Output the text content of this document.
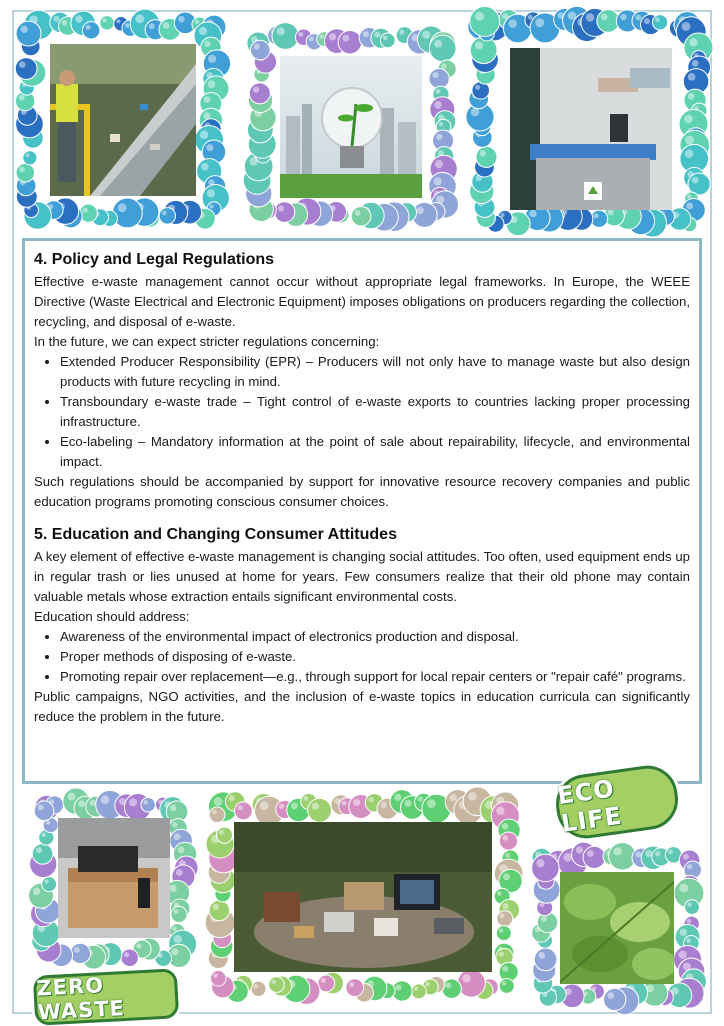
4. Policy and Legal Regulations

Effective e-waste management cannot occur without appropriate legal frameworks. In Europe, the WEEE Directive (Waste Electrical and Electronic Equipment) imposes obligations on producers regarding the collection, recycling, and disposal of e-waste.

In the future, we can expect stricter regulations concerning:

• Extended Producer Responsibility (EPR) – Producers will not only have to manage waste but also design products with future recycling in mind.
• Transboundary e-waste trade – Tight control of e-waste exports to countries lacking proper processing infrastructure.
• Eco-labeling – Mandatory information at the point of sale about repairability, lifecycle, and environmental impact.

Such regulations should be accompanied by support for innovative resource recovery companies and public education programs promoting conscious consumer choices.

5. Education and Changing Consumer Attitudes

A key element of effective e-waste management is changing social attitudes. Too often, used equipment ends up in regular trash or lies unused at home for years. Few consumers realize that their old phone may contain valuable metals whose extraction entails significant environmental costs.

Education should address:

• Awareness of the environmental impact of electronics production and disposal.
• Proper methods of disposing of e-waste.
• Promoting repair over replacement—e.g., through support for local repair centers or "repair café" programs.

Public campaigns, NGO activities, and the inclusion of e-waste topics in education curricula can significantly reduce the problem in the future.

ECO LIFE
ZERO WASTE
